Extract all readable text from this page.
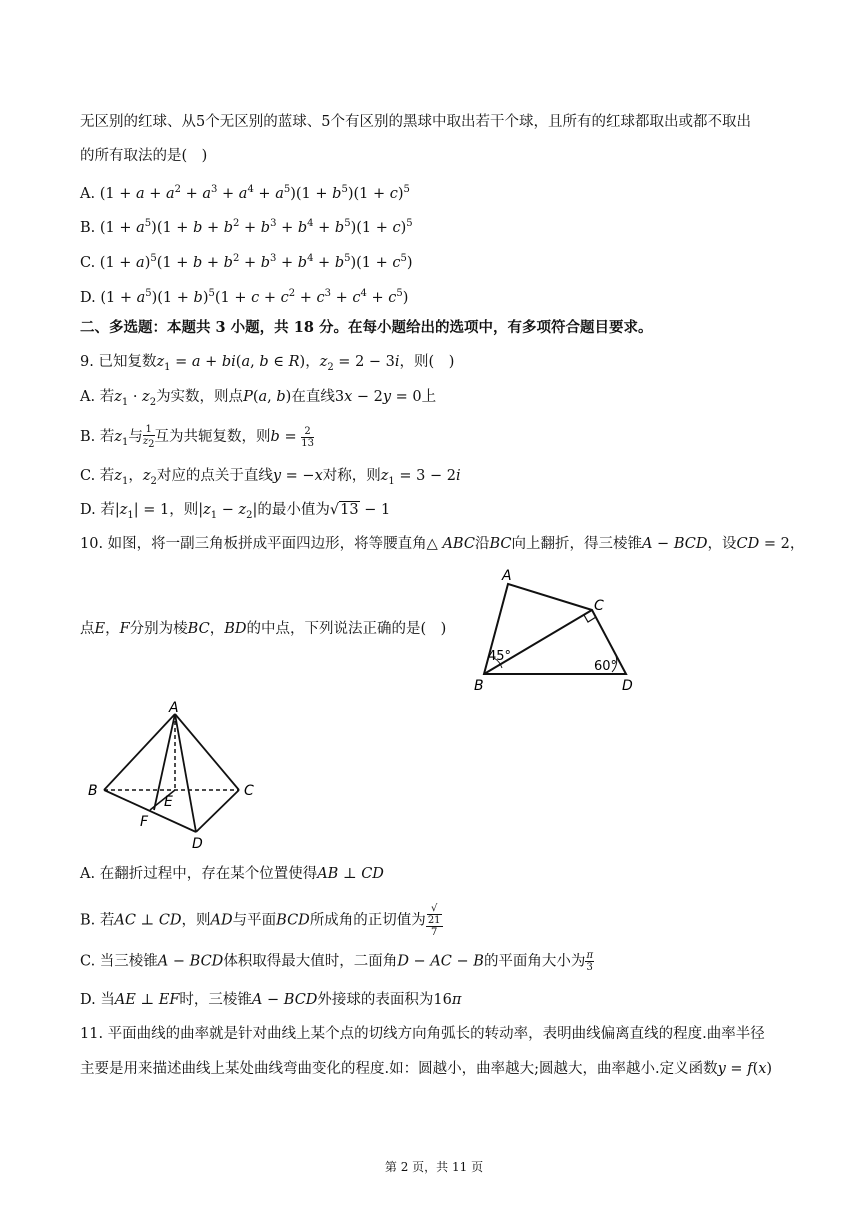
无区别的红球、从5个无区别的蓝球、5个有区别的黑球中取出若干个球，且所有的红球都取出或都不取出
的所有取法的是( )
A. $(1 + a + a^2 + a^3 + a^4 + a^5)(1 + b^5)(1 + c)^5$
B. $(1 + a^5)(1 + b + b^2 + b^3 + b^4 + b^5)(1 + c)^5$
C. $(1 + a)^5(1 + b + b^2 + b^3 + b^4 + b^5)(1 + c^5)$
D. $(1 + a^5)(1 + b)^5(1 + c + c^2 + c^3 + c^4 + c^5)$
二、多选题：本题共 3 小题，共 18 分。在每小题给出的选项中，有多项符合题目要求。
9. 已知复数$z_1 = a + bi(a$, b ∈ R)，$z_2 = 2 - 3i$，则( )
A. 若$z_1 \cdot z_2$为实数，则点P(a, b)在直线3x − 2y = 0上
B. 若$z_1$与 $\frac{1}{z_2}$ 互为共轭复数，则$b = \frac{2}{13}$
C. 若$z_1$，$z_2$对应的点关于直线y = −x对称，则$z_1 = 3 - 2i$
D. 若$|z_1| = 1$，则$|z_1 - z_2|$的最小值为√13 − 1
10. 如图，将一副三角板拼成平面四边形，将等腰直角△ ABC沿BC向上翻折，得三棱锥A − BCD，设CD = 2，
点E，F分别为棱BC，BD的中点，下列说法正确的是( )
A
C
B	D
45°
60°
A
B	C
E
F
D
A. 在翻折过程中，存在某个位置使得AB ⊥ CD
B. 若AC ⊥ CD，则AD与平面BCD所成角的正切值为 √
21
7
C. 当三棱锥A − BCD体积取得最大值时，二面角D − AC − B的平面角大小为 $\frac{\pi}{3}$
D. 当AE ⊥ EF时，三棱锥A − BCD外接球的表面积为16π
11. 平面曲线的曲率就是针对曲线上某个点的切线方向角弧长的转动率，表明曲线偏离直线的程度.曲率半径
主要是用来描述曲线上某处曲线弯曲变化的程度.如：圆越小，曲率越大;圆越大，曲率越小.定义函数y = f(x)
第 2 页，共 11 页
